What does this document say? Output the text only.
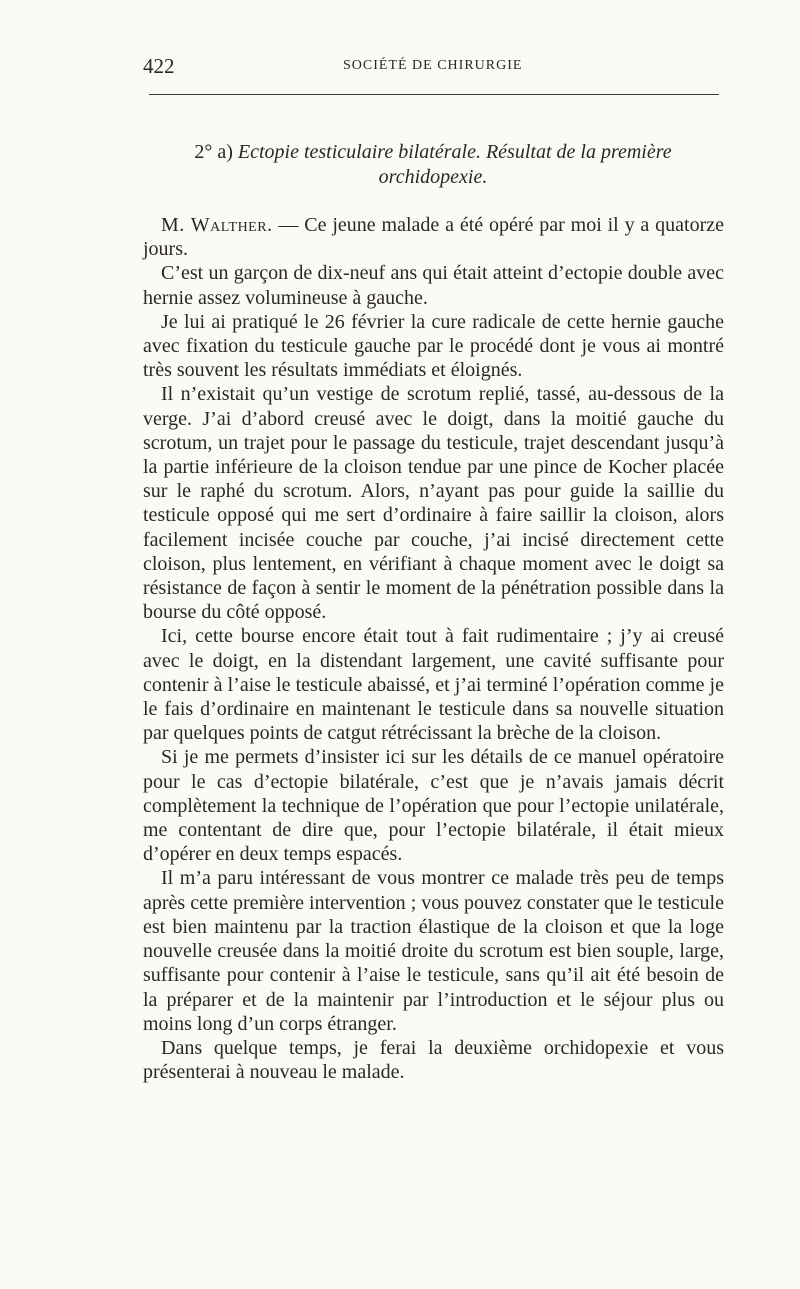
422	SOCIÉTÉ DE CHIRURGIE
2° a) Ectopie testiculaire bilatérale. Résultat de la première
orchidopexie.

M. Walther. — Ce jeune malade a été opéré par moi il y a quatorze jours.

C’est un garçon de dix-neuf ans qui était atteint d’ectopie double avec hernie assez volumineuse à gauche.

Je lui ai pratiqué le 26 février la cure radicale de cette hernie gauche avec fixation du testicule gauche par le procédé dont je vous ai montré très souvent les résultats immédiats et éloignés.

Il n’existait qu’un vestige de scrotum replié, tassé, au-dessous de la verge. J’ai d’abord creusé avec le doigt, dans la moitié gauche du scrotum, un trajet pour le passage du testicule, trajet descendant jusqu’à la partie inférieure de la cloison tendue par une pince de Kocher placée sur le raphé du scrotum. Alors, n’ayant pas pour guide la saillie du testicule opposé qui me sert d’ordinaire à faire saillir la cloison, alors facilement incisée couche par couche, j’ai incisé directement cette cloison, plus lentement, en vérifiant à chaque moment avec le doigt sa résistance de façon à sentir le moment de la pénétration possible dans la bourse du côté opposé.

Ici, cette bourse encore était tout à fait rudimentaire ; j’y ai creusé avec le doigt, en la distendant largement, une cavité suffisante pour contenir à l’aise le testicule abaissé, et j’ai terminé l’opération comme je le fais d’ordinaire en maintenant le testicule dans sa nouvelle situation par quelques points de catgut rétrécissant la brèche de la cloison.

Si je me permets d’insister ici sur les détails de ce manuel opératoire pour le cas d’ectopie bilatérale, c’est que je n’avais jamais décrit complètement la technique de l’opération que pour l’ectopie unilatérale, me contentant de dire que, pour l’ectopie bilatérale, il était mieux d’opérer en deux temps espacés.

Il m’a paru intéressant de vous montrer ce malade très peu de temps après cette première intervention ; vous pouvez constater que le testicule est bien maintenu par la traction élastique de la cloison et que la loge nouvelle creusée dans la moitié droite du scrotum est bien souple, large, suffisante pour contenir à l’aise le testicule, sans qu’il ait été besoin de la préparer et de la maintenir par l’introduction et le séjour plus ou moins long d’un corps étranger.

Dans quelque temps, je ferai la deuxième orchidopexie et vous présenterai à nouveau le malade.
